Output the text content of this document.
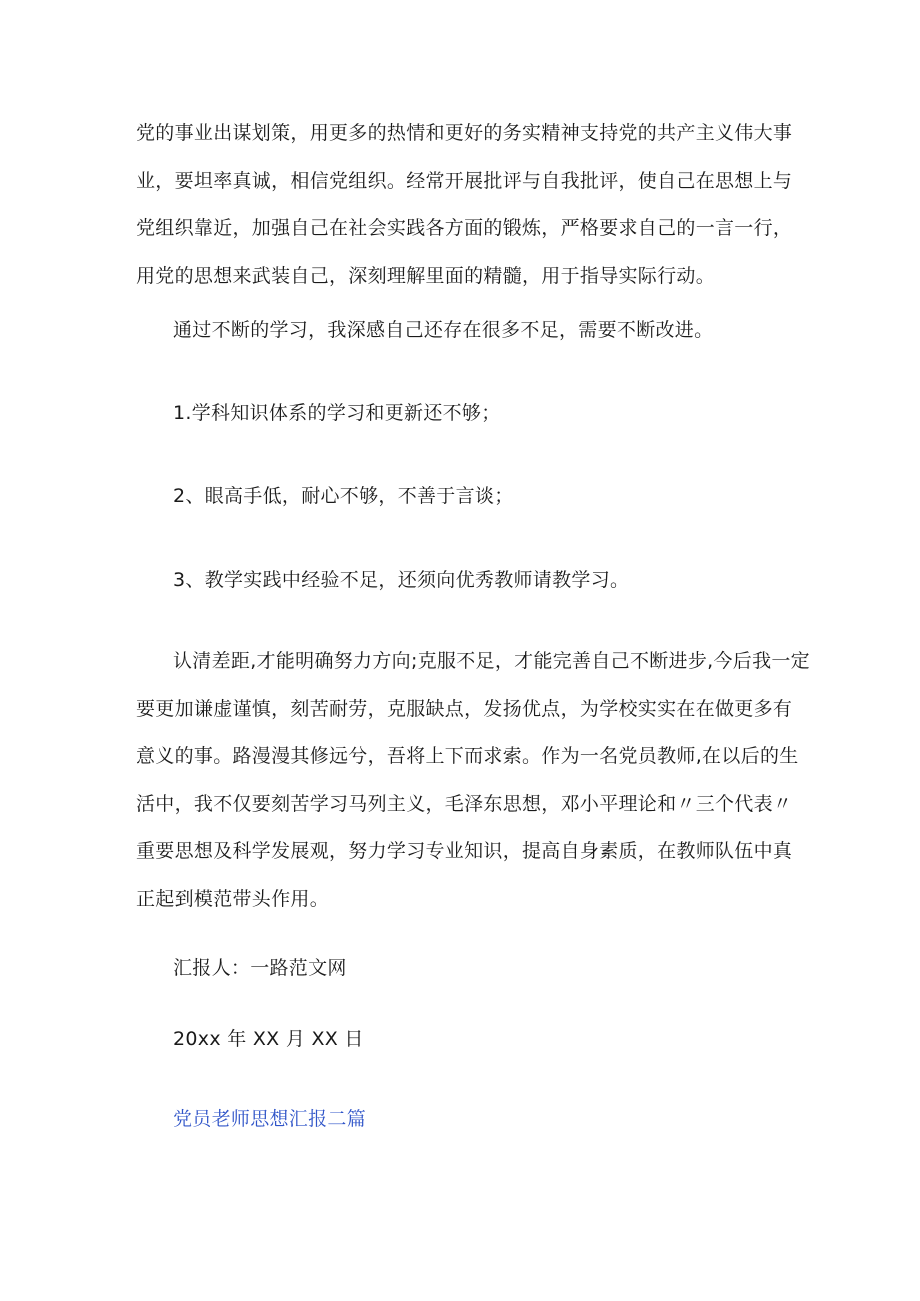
党的事业出谋划策，用更多的热情和更好的务实精神支持党的共产主义伟大事
业，要坦率真诚，相信党组织。经常开展批评与自我批评，使自己在思想上与
党组织靠近，加强自己在社会实践各方面的锻炼，严格要求自己的一言一行，
用党的思想来武装自己，深刻理解里面的精髓，用于指导实际行动。

通过不断的学习，我深感自己还存在很多不足，需要不断改进。

1.学科知识体系的学习和更新还不够；

2、眼高手低，耐心不够，不善于言谈；

3、教学实践中经验不足，还须向优秀教师请教学习。

认清差距,才能明确努力方向;克服不足，才能完善自己不断进步,今后我一定
要更加谦虚谨慎，刻苦耐劳，克服缺点，发扬优点，为学校实实在在做更多有
意义的事。路漫漫其修远兮，吾将上下而求索。作为一名党员教师,在以后的生
活中，我不仅要刻苦学习马列主义，毛泽东思想，邓小平理论和〃三个代表〃
重要思想及科学发展观，努力学习专业知识，提高自身素质，在教师队伍中真
正起到模范带头作用。

汇报人：一路范文网

20xx 年 XX 月 XX 日

党员老师思想汇报二篇
